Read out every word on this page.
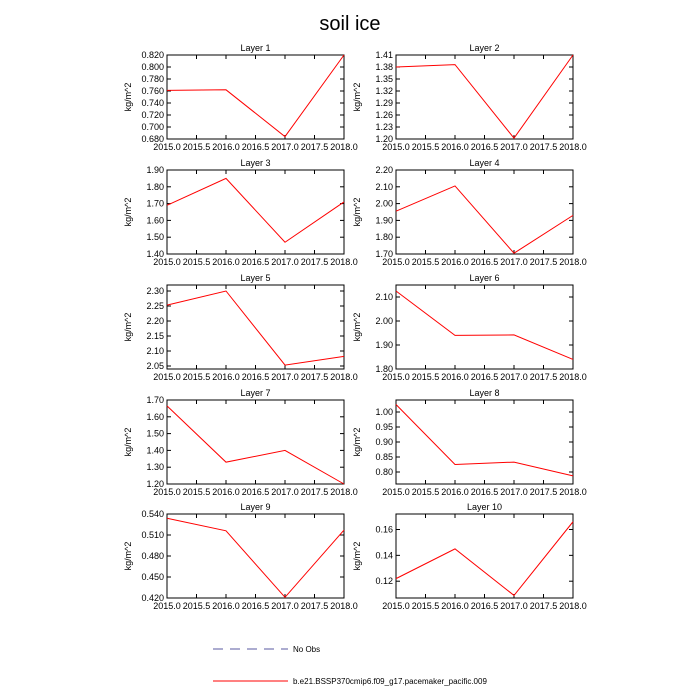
soil ice
Layer 1
2015.0 2015.5 2016.0 2016.5 2017.0 2017.5 2018.0
0.680
0.700
0.720
0.740
0.760
0.780
0.800
0.820
kg/m^2
Layer 2
2015.0 2015.5 2016.0 2016.5 2017.0 2017.5 2018.0
1.20
1.23
1.26
1.29
1.32
1.35
1.38
1.41
kg/m^2
Layer 3
2015.0 2015.5 2016.0 2016.5 2017.0 2017.5 2018.0
1.40
1.50
1.60
1.70
1.80
1.90
kg/m^2
Layer 4
2015.0 2015.5 2016.0 2016.5 2017.0 2017.5 2018.0
1.70
1.80
1.90
2.00
2.10
2.20
kg/m^2
Layer 5
2015.0 2015.5 2016.0 2016.5 2017.0 2017.5 2018.0
2.05
2.10
2.15
2.20
2.25
2.30
kg/m^2
Layer 6
2015.0 2015.5 2016.0 2016.5 2017.0 2017.5 2018.0
1.80
1.90
2.00
2.10
kg/m^2
Layer 7
2015.0 2015.5 2016.0 2016.5 2017.0 2017.5 2018.0
1.20
1.30
1.40
1.50
1.60
1.70
kg/m^2
Layer 8
2015.0 2015.5 2016.0 2016.5 2017.0 2017.5 2018.0
0.80
0.85
0.90
0.95
1.00
kg/m^2
Layer 9
2015.0 2015.5 2016.0 2016.5 2017.0 2017.5 2018.0
0.420
0.450
0.480
0.510
0.540
kg/m^2
Layer 10
2015.0 2015.5 2016.0 2016.5 2017.0 2017.5 2018.0
0.12
0.14
0.16
kg/m^2
No Obs
b.e21.BSSP370cmip6.f09_g17.pacemaker_pacific.009
